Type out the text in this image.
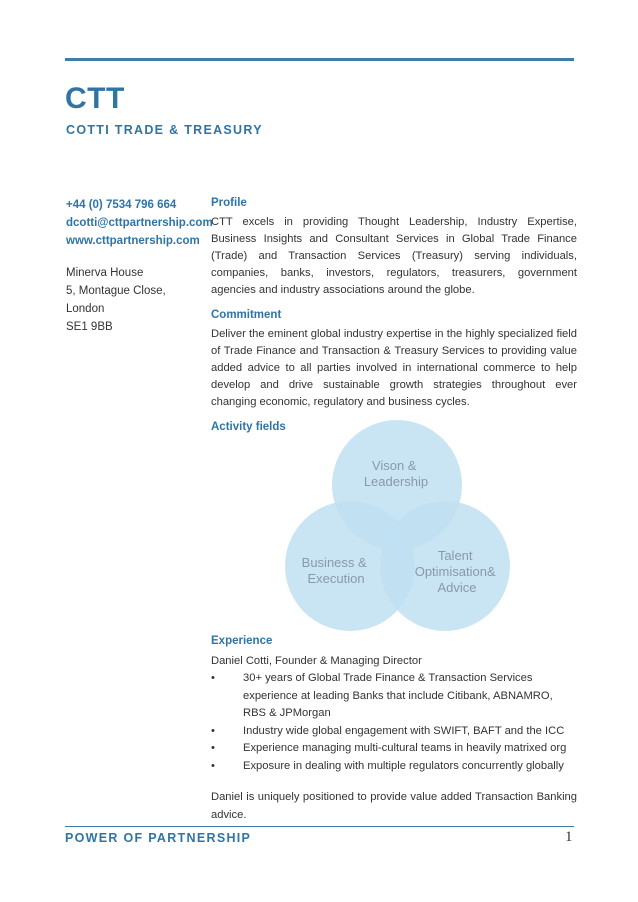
CTT
COTTI TRADE & TREASURY
+44 (0) 7534 796 664
dcotti@cttpartnership.com
www.cttpartnership.com
Minerva House
5, Montague Close,
London
SE1 9BB
Profile
CTT excels in providing Thought Leadership, Industry Expertise, Business Insights and Consultant Services in Global Trade Finance (Trade) and Transaction Services (Treasury) serving individuals, companies, banks, investors, regulators, treasurers, government agencies and industry associations around the globe.
Commitment
Deliver the eminent global industry expertise in the highly specialized field of Trade Finance and Transaction & Treasury Services to providing value added advice to all parties involved in international commerce to help develop and drive sustainable growth strategies throughout ever changing economic, regulatory and business cycles.
Activity fields
Vison & Leadership
Business & Execution
Talent Optimisation& Advice
Experience
Daniel Cotti, Founder & Managing Director
•	30+ years of Global Trade Finance & Transaction Services experience at leading Banks that include Citibank, ABNAMRO, RBS & JPMorgan
•	Industry wide global engagement with SWIFT, BAFT and the ICC
•	Experience managing multi-cultural teams in heavily matrixed org
•	Exposure in dealing with multiple regulators concurrently globally
Daniel is uniquely positioned to provide value added Transaction Banking advice.
POWER OF PARTNERSHIP	1
